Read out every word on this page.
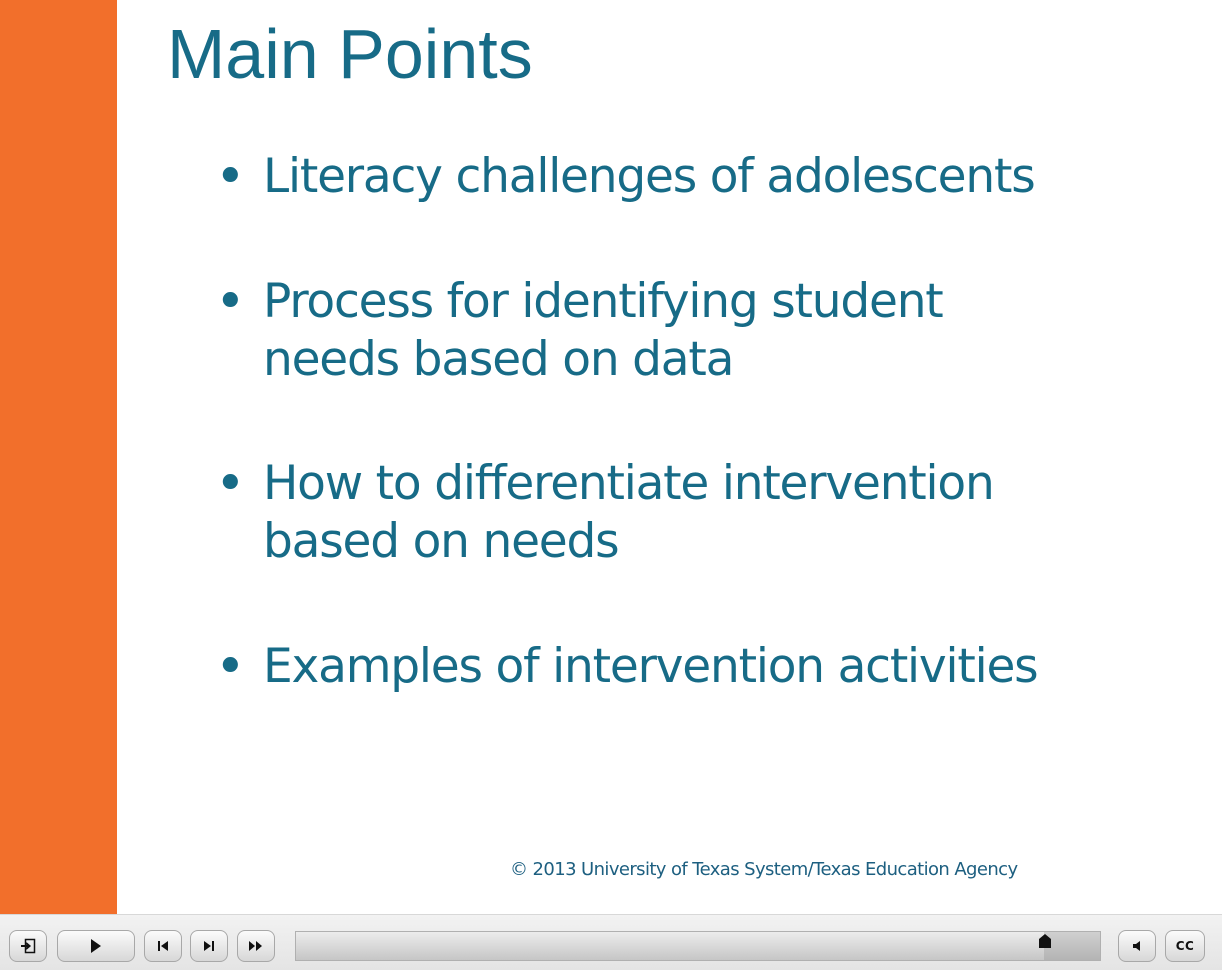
Main Points
• Literacy challenges of adolescents
• Process for identifying student
needs based on data
• How to differentiate intervention
based on needs
• Examples of intervention activities
© 2013 University of Texas System/Texas Education Agency
CC
